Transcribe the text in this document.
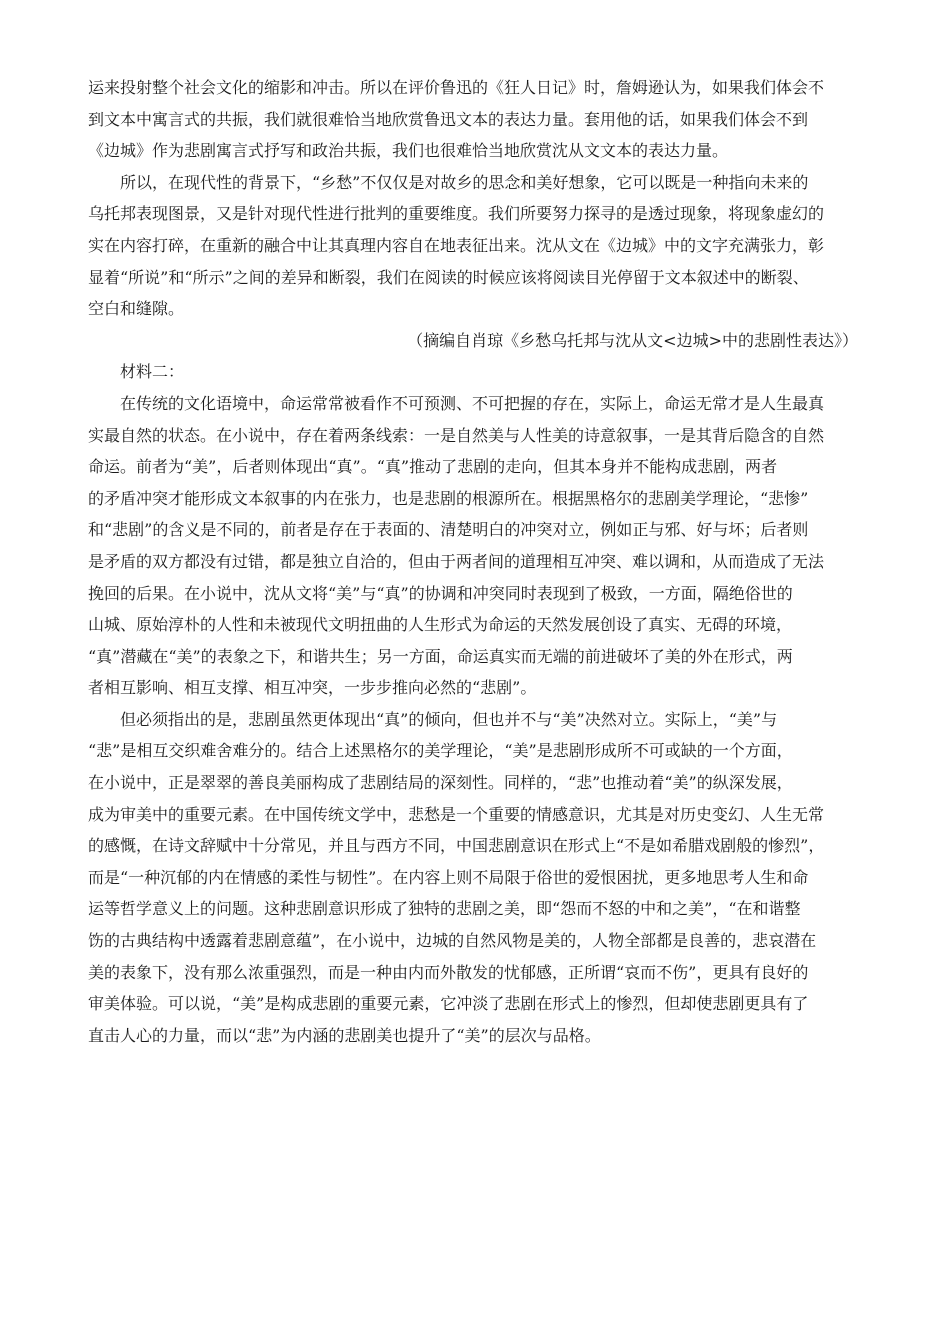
运来投射整个社会文化的缩影和冲击。所以在评价鲁迅的《狂人日记》时，詹姆逊认为，如果我们体会不
到文本中寓言式的共振，我们就很难恰当地欣赏鲁迅文本的表达力量。套用他的话，如果我们体会不到
《边城》作为悲剧寓言式抒写和政治共振，我们也很难恰当地欣赏沈从文文本的表达力量。
所以，在现代性的背景下，“乡愁”不仅仅是对故乡的思念和美好想象，它可以既是一种指向未来的
乌托邦表现图景，又是针对现代性进行批判的重要维度。我们所要努力探寻的是透过现象，将现象虚幻的
实在内容打碎，在重新的融合中让其真理内容自在地表征出来。沈从文在《边城》中的文字充满张力，彰
显着“所说”和“所示”之间的差异和断裂，我们在阅读的时候应该将阅读目光停留于文本叙述中的断裂、
空白和缝隙。
（摘编自肖琼《乡愁乌托邦与沈从文<边城>中的悲剧性表达》）
材料二：
在传统的文化语境中，命运常常被看作不可预测、不可把握的存在，实际上，命运无常才是人生最真
实最自然的状态。在小说中，存在着两条线索：一是自然美与人性美的诗意叙事，一是其背后隐含的自然
命运。前者为“美”，后者则体现出“真”。“真”推动了悲剧的走向，但其本身并不能构成悲剧，两者
的矛盾冲突才能形成文本叙事的内在张力，也是悲剧的根源所在。根据黑格尔的悲剧美学理论，“悲惨”
和“悲剧”的含义是不同的，前者是存在于表面的、清楚明白的冲突对立，例如正与邪、好与坏；后者则
是矛盾的双方都没有过错，都是独立自洽的，但由于两者间的道理相互冲突、难以调和，从而造成了无法
挽回的后果。在小说中，沈从文将“美”与“真”的协调和冲突同时表现到了极致，一方面，隔绝俗世的
山城、原始淳朴的人性和未被现代文明扭曲的人生形式为命运的天然发展创设了真实、无碍的环境，
“真”潜藏在“美”的表象之下，和谐共生；另一方面，命运真实而无端的前进破坏了美的外在形式，两
者相互影响、相互支撑、相互冲突，一步步推向必然的“悲剧”。
但必须指出的是，悲剧虽然更体现出“真”的倾向，但也并不与“美”决然对立。实际上，“美”与
“悲”是相互交织难舍难分的。结合上述黑格尔的美学理论，“美”是悲剧形成所不可或缺的一个方面，
在小说中，正是翠翠的善良美丽构成了悲剧结局的深刻性。同样的，“悲”也推动着“美”的纵深发展，
成为审美中的重要元素。在中国传统文学中，悲愁是一个重要的情感意识，尤其是对历史变幻、人生无常
的感慨，在诗文辞赋中十分常见，并且与西方不同，中国悲剧意识在形式上“不是如希腊戏剧般的惨烈”，
而是“一种沉郁的内在情感的柔性与韧性”。在内容上则不局限于俗世的爱恨困扰，更多地思考人生和命
运等哲学意义上的问题。这种悲剧意识形成了独特的悲剧之美，即“怨而不怒的中和之美”，“在和谐整
饬的古典结构中透露着悲剧意蕴”，在小说中，边城的自然风物是美的，人物全部都是良善的，悲哀潜在
美的表象下，没有那么浓重强烈，而是一种由内而外散发的忧郁感，正所谓“哀而不伤”，更具有良好的
审美体验。可以说，“美”是构成悲剧的重要元素，它冲淡了悲剧在形式上的惨烈，但却使悲剧更具有了
直击人心的力量，而以“悲”为内涵的悲剧美也提升了“美”的层次与品格。
